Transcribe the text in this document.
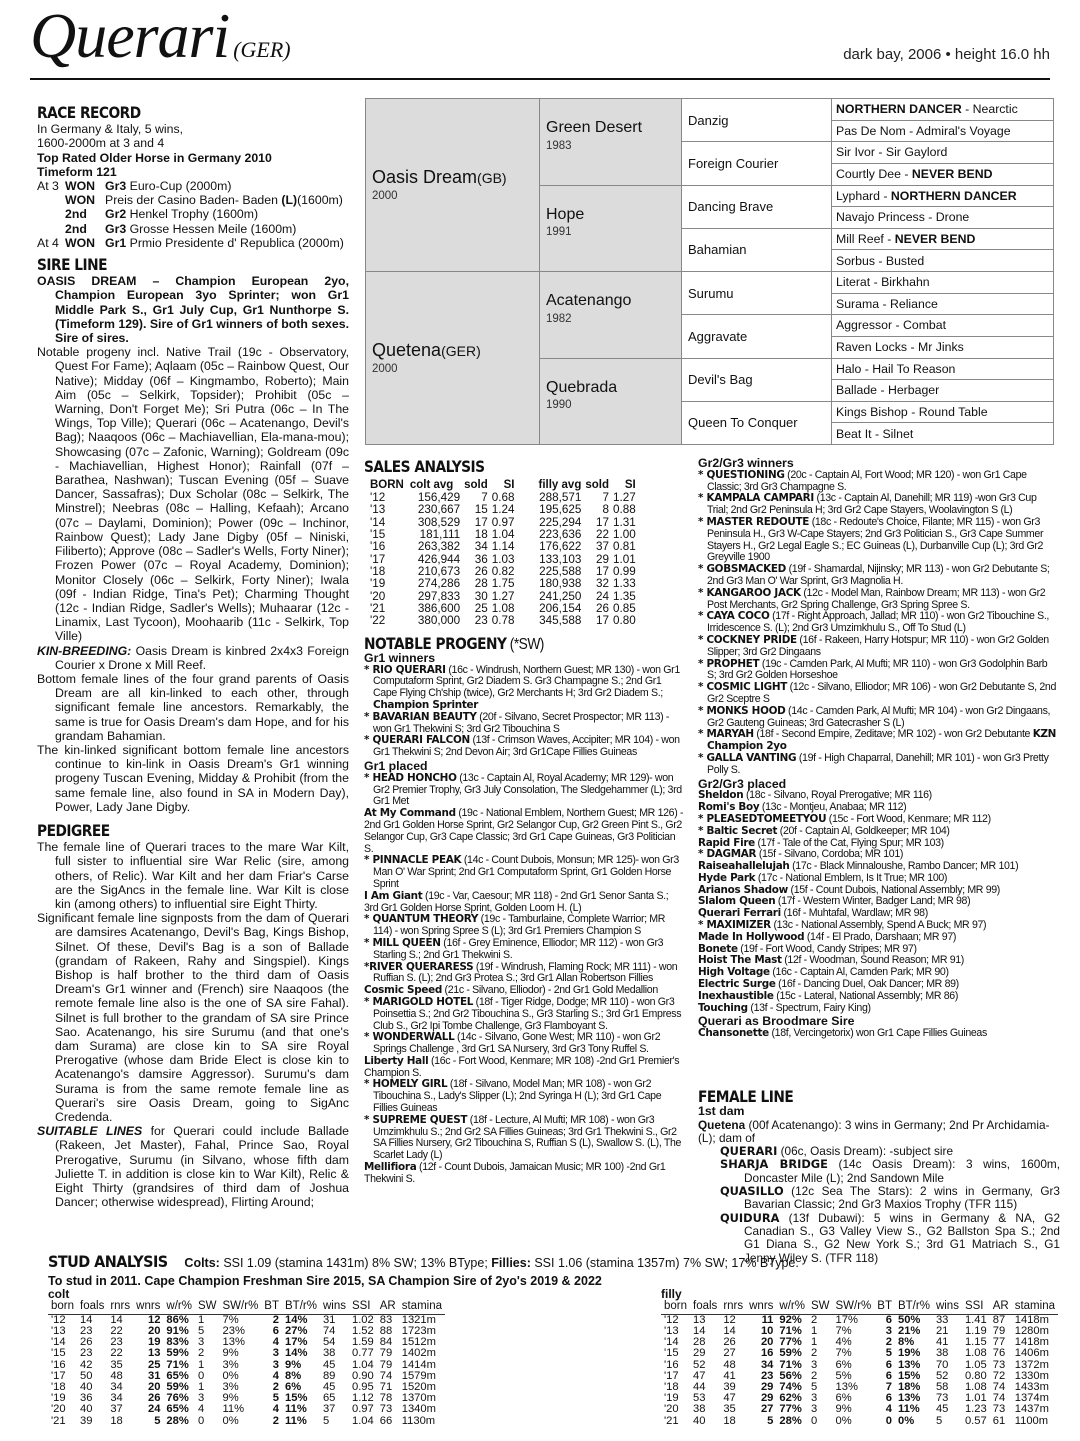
Querari (GER)	dark bay, 2006 • height 16.0 hh
RACE RECORD
In Germany & Italy, 5 wins,
1600-2000m at 3 and 4
Top Rated Older Horse in Germany 2010
Timeform 121
At 3 WON Gr3 Euro-Cup (2000m)
WON Preis der Casino Baden- Baden (L)(1600m)
2nd	Gr2 Henkel Trophy (1600m)
2nd	Gr3 Grosse Hessen Meile (1600m)
At 4 WON Gr1 Prmio Presidente d' Republica (2000m)
SIRE LINE
OASIS DREAM – Champion European 2yo, Champion European 3yo Sprinter; won Gr1 Middle Park S., Gr1 July Cup, Gr1 Nunthorpe S. (Timeform 129). Sire of Gr1 winners of both sexes. Sire of sires.
Notable progeny incl. Native Trail (19c - Observatory, Quest For Fame); Aqlaam (05c – Rainbow Quest, Our Native); Midday (06f – Kingmambo, Roberto); Main Aim (05c – Selkirk, Topsider); Prohibit (05c – Warning, Don't Forget Me); Sri Putra (06c – In The Wings, Top Ville); Querari (06c – Acatenango, Devil's Bag); Naaqoos (06c – Machiavellian, Ela-mana-mou); Showcasing (07c – Zafonic, Warning); Goldream (09c - Machiavellian, Highest Honor); Rainfall (07f – Barathea, Nashwan); Tuscan Evening (05f – Suave Dancer, Sassafras); Dux Scholar (08c – Selkirk, The Minstrel); Neebras (08c – Halling, Kefaah); Arcano (07c – Daylami, Dominion); Power (09c – Inchinor, Rainbow Quest); Lady Jane Digby (05f – Niniski, Filiberto); Approve (08c – Sadler's Wells, Forty Niner); Frozen Power (07c – Royal Academy, Dominion); Monitor Closely (06c – Selkirk, Forty Niner); Iwala (09f - Indian Ridge, Tina's Pet); Charming Thought (12c - Indian Ridge, Sadler's Wells); Muhaarar (12c - Linamix, Last Tycoon), Moohaarib (11c - Selkirk, Top Ville)
KIN-BREEDING: Oasis Dream is kinbred 2x4x3 Foreign Courier x Drone x Mill Reef.
Bottom female lines of the four grand parents of Oasis Dream are all kin-linked to each other, through significant female line ancestors. Remarkably, the same is true for Oasis Dream's dam Hope, and for his grandam Bahamian.
The kin-linked significant bottom female line ancestors continue to kin-link in Oasis Dream's Gr1 winning progeny Tuscan Evening, Midday & Prohibit (from the same female line, also found in SA in Modern Day), Power, Lady Jane Digby.
PEDIGREE
The female line of Querari traces to the mare War Kilt, full sister to influential sire War Relic (sire, among others, of Relic). War Kilt and her dam Friar's Carse are the SigAncs in the female line. War Kilt is close kin (among others) to influential sire Eight Thirty.
Significant female line signposts from the dam of Querari are damsires Acatenango, Devil's Bag, Kings Bishop, Silnet. Of these, Devil's Bag is a son of Ballade (grandam of Rakeen, Rahy and Singspiel). Kings Bishop is half brother to the third dam of Oasis Dream's Gr1 winner and (French) sire Naaqoos (the remote female line also is the one of SA sire Fahal). Silnet is full brother to the grandam of SA sire Prince Sao. Acatenango, his sire Surumu (and that one's dam Surama) are close kin to SA sire Royal Prerogative (whose dam Bride Elect is close kin to Acatenango's damsire Aggressor). Surumu's dam Surama is from the same remote female line as Querari's sire Oasis Dream, going to SigAnc Credenda.
SUITABLE LINES for Querari could include Ballade (Rakeen, Jet Master), Fahal, Prince Sao, Royal Prerogative, Surumu (in Silvano, whose fifth dam Juliette T. in addition is close kin to War Kilt), Relic & Eight Thirty (grandsires of third dam of Joshua Dancer; otherwise widespread), Flirting Around;
Oasis Dream(GB)
2000	Green Desert
1983	Danzig	NORTHERN DANCER - Nearctic
			Pas De Nom - Admiral's Voyage
		Foreign Courier	Sir Ivor - Sir Gaylord
			Courtly Dee - NEVER BEND
	Hope
1991	Dancing Brave	Lyphard - NORTHERN DANCER
			Navajo Princess - Drone
		Bahamian	Mill Reef - NEVER BEND
			Sorbus - Busted
Quetena(GER)
2000	Acatenango
1982	Surumu	Literat - Birkhahn
			Surama - Reliance
		Aggravate	Aggressor - Combat
			Raven Locks - Mr Jinks
	Quebrada
1990	Devil's Bag	Halo - Hail To Reason
			Ballade - Herbager
		Queen To Conquer	Kings Bishop - Round Table
			Beat It - Silnet
SALES ANALYSIS
BORN	colt avg	sold	SI	filly avg	sold	SI
'12	156,429	7	0.68	288,571	7	1.27
'13	230,667	15	1.24	195,625	8	0.88
'14	308,529	17	0.97	225,294	17	1.31
'15	181,111	18	1.04	223,636	22	1.00
'16	263,382	34	1.14	176,622	37	0.81
'17	426,944	36	1.03	133,103	29	1.01
'18	210,673	26	0.82	225,588	17	0.99
'19	274,286	28	1.75	180,938	32	1.33
'20	297,833	30	1.27	241,250	24	1.35
'21	386,600	25	1.08	206,154	26	0.85
'22	380,000	23	0.78	345,588	17	0.80
NOTABLE PROGENY (*SW)
Gr1 winners
* RIO QUERARI (16c - Windrush, Northern Guest; MR 130) - won Gr1 Computaform Sprint, Gr2 Diadem S. Gr3 Champagne S.; 2nd Gr1 Cape Flying Ch'ship (twice), Gr2 Merchants H; 3rd Gr2 Diadem S.; Champion Sprinter
* BAVARIAN BEAUTY (20f - Silvano, Secret Prospector; MR 113) - won Gr1 Thekwini S; 3rd Gr2 Tibouchina S
* QUERARI FALCON (13f - Crimson Waves, Accipiter; MR 104) - won Gr1 Thekwini S; 2nd Devon Air; 3rd Gr1Cape Fillies Guineas
Gr1 placed
* HEAD HONCHO (13c - Captain Al, Royal Academy; MR 129)- won Gr2 Premier Trophy, Gr3 July Consolation, The Sledgehammer (L); 3rd Gr1 Met
At My Command (19c - National Emblem, Northern Guest; MR 126) - 2nd Gr1 Golden Horse Sprint, Gr2 Selangor Cup, Gr2 Green Pint S., Gr2 Selangor Cup, Gr3 Cape Classic; 3rd Gr1 Cape Guineas, Gr3 Politician S.
* PINNACLE PEAK (14c - Count Dubois, Monsun; MR 125)- won Gr3 Man O' War Sprint; 2nd Gr1 Computaform Sprint, Gr1 Golden Horse Sprint
I Am Giant (19c - Var, Caesour; MR 118) - 2nd Gr1 Senor Santa S.; 3rd Gr1 Golden Horse Sprint, Golden Loom H. (L)
* QUANTUM THEORY (19c - Tamburlaine, Complete Warrior; MR 114) - won Spring Spree S (L); 3rd Gr1 Premiers Champion S
* MILL QUEEN (16f - Grey Eminence, Elliodor; MR 112) - won Gr3 Starling S.; 2nd Gr1 Thekwini S.
*RIVER QUERARESS (19f - Windrush, Flaming Rock; MR 111) - won Ruffian S. (L); 2nd Gr3 Protea S.; 3rd Gr1 Allan Robertson Fillies
Cosmic Speed (21c - Silvano, Elliodor) - 2nd Gr1 Gold Medallion
* MARIGOLD HOTEL (18f - Tiger Ridge, Dodge; MR 110) - won Gr3 Poinsettia S.; 2nd Gr2 Tibouchina S., Gr3 Starling S.; 3rd Gr1 Empress Club S., Gr2 Ipi Tombe Challenge, Gr3 Flamboyant S.
* WONDERWALL (14c - Silvano, Gone West; MR 110) - won Gr2 Springs Challenge , 3rd Gr1 SA Nursery, 3rd Gr3 Tony Ruffel S.
Liberty Hall (16c - Fort Wood, Kenmare; MR 108) -2nd Gr1 Premier's Champion S.
* HOMELY GIRL (18f - Silvano, Model Man; MR 108) - won Gr2 Tibouchina S., Lady's Slipper (L); 2nd Syringa H (L); 3rd Gr1 Cape Fillies Guineas
* SUPREME QUEST (18f - Lecture, Al Mufti; MR 108) - won Gr3 Umzimkhulu S.; 2nd Gr2 SA Fillies Guineas; 3rd Gr1 Thekwini S., Gr2 SA Fillies Nursery, Gr2 Tibouchina S, Ruffian S (L), Swallow S. (L), The Scarlet Lady (L)
Mellifiora (12f - Count Dubois, Jamaican Music; MR 100) -2nd Gr1 Thekwini S.
Gr2/Gr3 winners
* QUESTIONING (20c - Captain Al, Fort Wood; MR 120) - won Gr1 Cape Classic; 3rd Gr3 Champagne S.
* KAMPALA CAMPARI (13c - Captain Al, Danehill; MR 119) -won Gr3 Cup Trial; 2nd Gr2 Peninsula H; 3rd Gr2 Cape Stayers, Woolavington S (L)
* MASTER REDOUTE (18c - Redoute's Choice, Filante; MR 115) - won Gr3 Peninsula H., Gr3 W-Cape Stayers; 2nd Gr3 Politician S., Gr3 Cape Summer Stayers H., Gr2 Legal Eagle S.; EC Guineas (L), Durbanville Cup (L); 3rd Gr2 Greyville 1900
* GOBSMACKED (19f - Shamardal, Nijinsky; MR 113) - won Gr2 Debutante S; 2nd Gr3 Man O' War Sprint, Gr3 Magnolia H.
* KANGAROO JACK (12c - Model Man, Rainbow Dream; MR 113) - won Gr2 Post Merchants, Gr2 Spring Challenge, Gr3 Spring Spree S.
* CAYA COCO (17f - Right Approach, Jallad; MR 110) - won Gr2 Tibouchine S., Irridescence S. (L); 2nd Gr3 Umzimkhulu S., Off To Stud (L)
* COCKNEY PRIDE (16f - Rakeen, Harry Hotspur; MR 110) - won Gr2 Golden Slipper; 3rd Gr2 Dingaans
* PROPHET (19c - Camden Park, Al Mufti; MR 110) - won Gr3 Godolphin Barb S; 3rd Gr2 Golden Horseshoe
* COSMIC LIGHT (12c - Silvano, Elliodor; MR 106) - won Gr2 Debutante S, 2nd Gr2 Sceptre S
* MONKS HOOD (14c - Camden Park, Al Mufti; MR 104) - won Gr2 Dingaans, Gr2 Gauteng Guineas; 3rd Gatecrasher S (L)
* MARYAH (18f - Second Empire, Zeditave; MR 102) - won Gr2 Debutante KZN Champion 2yo
* GALLA VANTING (19f - High Chaparral, Danehill; MR 101) - won Gr3 Pretty Polly S.
Gr2/Gr3 placed
Sheldon (18c - Silvano, Royal Prerogative; MR 116)
Romi's Boy (13c - Montjeu, Anabaa; MR 112)
* PLEASEDTOMEETYOU (15c - Fort Wood, Kenmare; MR 112)
* Baltic Secret (20f - Captain Al, Goldkeeper; MR 104)
Rapid Fire (17f - Tale of the Cat, Flying Spur; MR 103)
* DAGMAR (15f - Silvano, Cordoba; MR 101)
Raiseahallelujah (17c - Black Minnaloushe, Rambo Dancer; MR 101)
Hyde Park (17c - National Emblem, Is It True; MR 100)
Arianos Shadow (15f - Count Dubois, National Assembly; MR 99)
Slalom Queen (17f - Western Winter, Badger Land; MR 98)
Querari Ferrari (16f - Muhtafal, Wardlaw; MR 98)
* MAXIMIZER (13c - National Assembly, Spend A Buck; MR 97)
Made In Hollywood (14f - El Prado, Darshaan; MR 97)
Bonete (19f - Fort Wood, Candy Stripes; MR 97)
Hoist The Mast (12f - Woodman, Sound Reason; MR 91)
High Voltage (16c - Captain Al, Camden Park; MR 90)
Electric Surge (16f - Dancing Duel, Oak Dancer; MR 89)
Inexhaustible (15c - Lateral, National Assembly; MR 86)
Touching (13f - Spectrum, Fairy King)
Querari as Broodmare Sire
Chansonette (18f, Vercingetorix) won Gr1 Cape Fillies Guineas
FEMALE LINE
1st dam
Quetena (00f Acatenango): 3 wins in Germany; 2nd Pr Archidamia-(L); dam of
QUERARI (06c, Oasis Dream): -subject sire
SHARJA BRIDGE (14c Oasis Dream): 3 wins, 1600m, Doncaster Mile (L); 2nd Sandown Mile
QUASILLO (12c Sea The Stars): 2 wins in Germany, Gr3 Bavarian Classic; 2nd Gr3 Maxios Trophy (TFR 115)
QUIDURA (13f Dubawi): 5 wins in Germany & NA, G2 Canadian S., G3 Valley View S., G2 Ballston Spa S.; 2nd G1 Diana S., G2 New York S.; 3rd G1 Matriach S., G1 Jenny Wiley S. (TFR 118)
STUD ANALYSIS Colts: SSI 1.09 (stamina 1431m) 8% SW; 13% BType; Fillies: SSI 1.06 (stamina 1357m) 7% SW; 17% BType.
To stud in 2011. Cape Champion Freshman Sire 2015, SA Champion Sire of 2yo's 2019 & 2022
colt
born	foals	rnrs	wnrs	w/r%	SW	SW/r%	BT	BT/r%	wins	SSI	AR	stamina
'12	14	14	12	86%	1	7%	2	14%	31	1.02	83	1321m
'13	23	22	20	91%	5	23%	6	27%	74	1.52	88	1723m
'14	26	23	19	83%	3	13%	4	17%	54	1.59	84	1512m
'15	23	22	13	59%	2	9%	3	14%	38	0.77	79	1402m
'16	42	35	25	71%	1	3%	3	9%	45	1.04	79	1414m
'17	50	48	31	65%	0	0%	4	8%	89	0.90	74	1579m
'18	40	34	20	59%	1	3%	2	6%	45	0.95	71	1520m
'19	36	34	26	76%	3	9%	5	15%	65	1.12	78	1370m
'20	40	37	24	65%	4	11%	4	11%	37	0.97	73	1340m
'21	39	18	5	28%	0	0%	2	11%	5	1.04	66	1130m
filly
born	foals	rnrs	wnrs	w/r%	SW	SW/r%	BT	BT/r%	wins	SSI	AR	stamina
'12	13	12	11	92%	2	17%	6	50%	33	1.41	87	1418m
'13	14	14	10	71%	1	7%	3	21%	21	1.19	79	1280m
'14	28	26	20	77%	1	4%	2	8%	41	1.15	77	1418m
'15	29	27	16	59%	2	7%	5	19%	38	1.08	76	1406m
'16	52	48	34	71%	3	6%	6	13%	70	1.05	73	1372m
'17	47	41	23	56%	2	5%	6	15%	52	0.80	72	1330m
'18	44	39	29	74%	5	13%	7	18%	58	1.08	74	1433m
'19	53	47	29	62%	3	6%	6	13%	73	1.01	74	1374m
'20	38	35	27	77%	3	9%	4	11%	45	1.23	73	1437m
'21	40	18	5	28%	0	0%	0	0%	5	0.57	61	1100m
